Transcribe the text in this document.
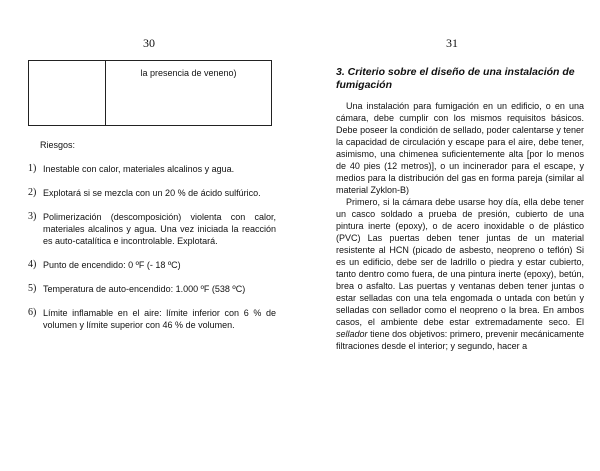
30	31
la presencia de veneno)
Riesgos:
1) Inestable con calor, materiales alcalinos y agua.
2) Explotará si se mezcla con un 20 % de ácido sulfúrico.
3) Polimerización (descomposición) violenta con calor, materiales alcalinos y agua. Una vez iniciada la reacción es auto-catalítica e incontrolable. Explotará.
4) Punto de encendido: 0 ºF (- 18 ºC)
5) Temperatura de auto-encendido: 1.000 ºF (538 ºC)
6) Límite inflamable en el aire: límite inferior con 6 % de volumen y límite superior con 46 % de volumen.
3. Criterio sobre el diseño de una instalación de fumigación

Una instalación para fumigación en un edificio, o en una cámara, debe cumplir con los mismos requisitos básicos. Debe poseer la condición de sellado, poder calentarse y tener la capacidad de circulación y escape para el aire, debe tener, asimismo, una chimenea suficientemente alta [por lo menos de 40 pies (12 metros)], o un incinerador para el escape, y medios para la distribución del gas en forma pareja (similar al material Zyklon-B)

Primero, si la cámara debe usarse hoy día, ella debe tener un casco soldado a prueba de presión, cubierto de una pintura inerte (epoxy), o de acero inoxidable o de plástico (PVC) Las puertas deben tener juntas de un material resistente al HCN (picado de asbesto, neopreno o teflón) Si es un edificio, debe ser de ladrillo o piedra y estar cubierto, tanto dentro como fuera, de una pintura inerte (epoxy), betún, brea o asfalto. Las puertas y ventanas deben tener juntas o estar selladas con una tela engomada o untada con betún y selladas con sellador como el neopreno o la brea. En ambos casos, el ambiente debe estar extremadamente seco. El sellador tiene dos objetivos: primero, prevenir mecánicamente filtraciones desde el interior; y segundo, hacer a
